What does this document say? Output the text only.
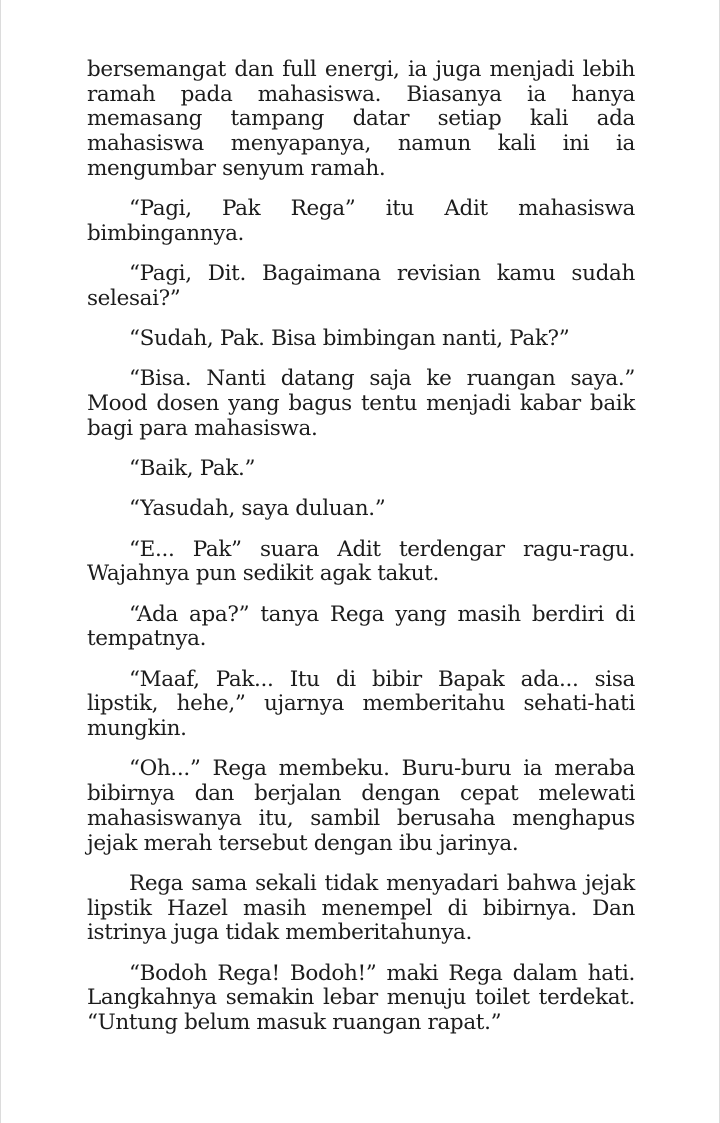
bersemangat dan full energi, ia juga menjadi lebih ramah pada mahasiswa. Biasanya ia hanya memasang tampang datar setiap kali ada mahasiswa menyapanya, namun kali ini ia mengumbar senyum ramah.

“Pagi, Pak Rega” itu Adit mahasiswa bimbingannya.

“Pagi, Dit. Bagaimana revisian kamu sudah selesai?”

“Sudah, Pak. Bisa bimbingan nanti, Pak?”

“Bisa. Nanti datang saja ke ruangan saya.” Mood dosen yang bagus tentu menjadi kabar baik bagi para mahasiswa.

“Baik, Pak.”

“Yasudah, saya duluan.”

“E... Pak” suara Adit terdengar ragu-ragu. Wajahnya pun sedikit agak takut.

“Ada apa?” tanya Rega yang masih berdiri di tempatnya.

“Maaf, Pak... Itu di bibir Bapak ada... sisa lipstik, hehe,” ujarnya memberitahu sehati-hati mungkin.

“Oh...” Rega membeku. Buru-buru ia meraba bibirnya dan berjalan dengan cepat melewati mahasiswanya itu, sambil berusaha menghapus jejak merah tersebut dengan ibu jarinya.

Rega sama sekali tidak menyadari bahwa jejak lipstik Hazel masih menempel di bibirnya. Dan istrinya juga tidak memberitahunya.

“Bodoh Rega! Bodoh!” maki Rega dalam hati. Langkahnya semakin lebar menuju toilet terdekat. “Untung belum masuk ruangan rapat.”
